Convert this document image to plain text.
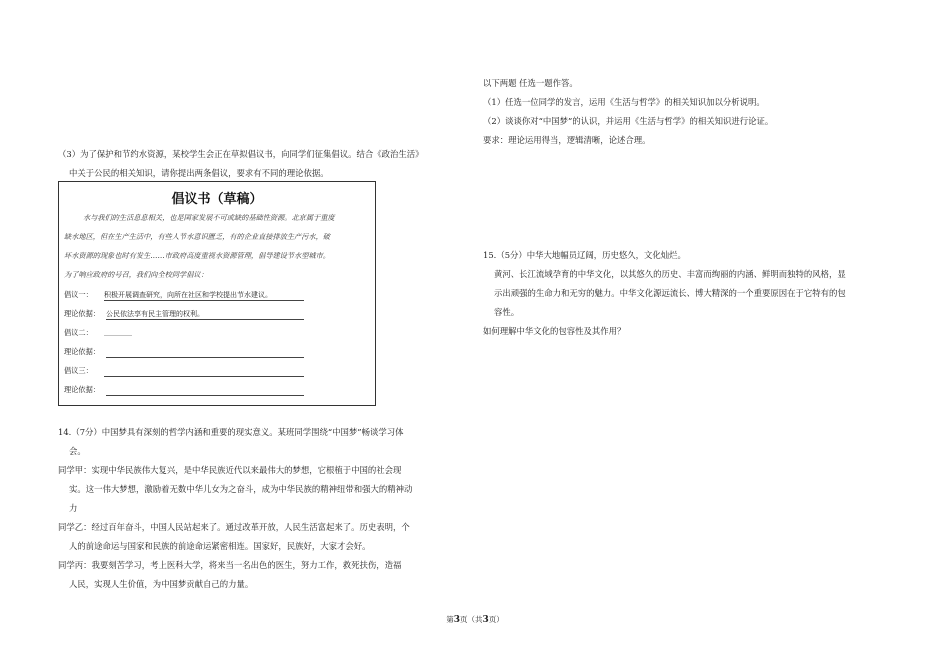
（3）为了保护和节约水资源，某校学生会正在草拟倡议书，向同学们征集倡议。结合《政治生活》

中关于公民的相关知识，请你提出两条倡议，要求有不同的理论依据。

倡议书（草稿）
水与我们的生活息息相关，也是国家发展不可或缺的基础性资源。北京属于重度
缺水地区，但在生产生活中，有些人节水意识匮乏，有的企业直接排放生产污水，破
坏水资源的现象也时有发生……市政府高度重视水资源管理，倡导建设节水型城市。
为了响应政府的号召，我们向全校同学倡议：
倡议一： 积极开展调查研究，向所在社区和学校提出节水建议。
理论依据： 公民依法享有民主管理的权利。
倡议二： ＿＿＿＿
理论依据：
倡议三：
理论依据：

14.（7分）中国梦具有深刻的哲学内涵和重要的现实意义。某班同学围绕“中国梦”畅谈学习体

会。

同学甲：实现中华民族伟大复兴，是中华民族近代以来最伟大的梦想，它根植于中国的社会现

实。这一伟大梦想，激励着无数中华儿女为之奋斗，成为中华民族的精神纽带和强大的精神动

力

同学乙：经过百年奋斗，中国人民站起来了。通过改革开放，人民生活富起来了。历史表明，个

人的前途命运与国家和民族的前途命运紧密相连。国家好，民族好，大家才会好。

同学丙：我要刻苦学习，考上医科大学，将来当一名出色的医生，努力工作，救死扶伤，造福

人民，实现人生价值，为中国梦贡献自己的力量。

以下两题 任选一题作答。

（1）任选一位同学的发言，运用《生活与哲学》的相关知识加以分析说明。

（2）谈谈你对“中国梦”的认识，并运用《生活与哲学》的相关知识进行论证。

要求：理论运用得当，逻辑清晰，论述合理。

15.（5分）中华大地幅员辽阔，历史悠久，文化灿烂。

黄河、长江流域孕育的中华文化，以其悠久的历史、丰富而绚丽的内涵、鲜明而独特的风格，显

示出顽强的生命力和无穷的魅力。中华文化源远流长、博大精深的一个重要原因在于它特有的包

容性。

如何理解中华文化的包容性及其作用？

第3页（共3页）
